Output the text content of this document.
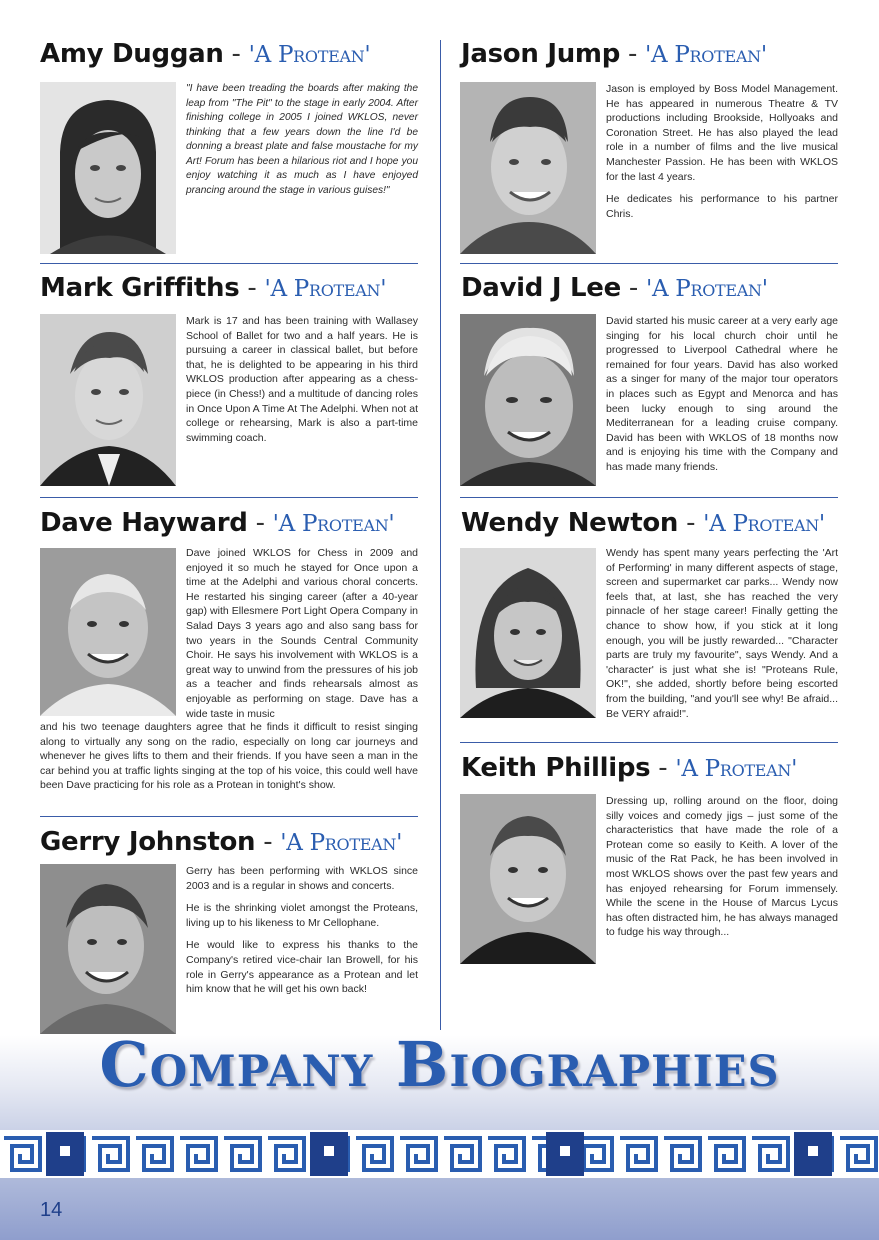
Amy Duggan - 'A Protean'

"I have been treading the boards after making the leap from "The Pit" to the stage in early 2004. After finishing college in 2005 I joined WKLOS, never thinking that a few years down the line I'd be donning a breast plate and false moustache for my Art! Forum has been a hilarious riot and I hope you enjoy watching it as much as I have enjoyed prancing around the stage in various guises!"

Jason Jump - 'A Protean'

Jason is employed by Boss Model Management. He has appeared in numerous Theatre & TV productions including Brookside, Hollyoaks and Coronation Street. He has also played the lead role in a number of films and the live musical Manchester Passion. He has been with WKLOS for the last 4 years.

He dedicates his performance to his partner Chris.

Mark Griffiths - 'A Protean'

Mark is 17 and has been training with Wallasey School of Ballet for two and a half years. He is pursuing a career in classical ballet, but before that, he is delighted to be appearing in his third WKLOS production after appearing as a chess-piece (in Chess!) and a multitude of dancing roles in Once Upon A Time At The Adelphi. When not at college or rehearsing, Mark is also a part-time swimming coach.

David J Lee - 'A Protean'

David started his music career at a very early age singing for his local church choir until he progressed to Liverpool Cathedral where he remained for four years. David has also worked as a singer for many of the major tour operators in places such as Egypt and Menorca and has been lucky enough to sing around the Mediterranean for a leading cruise company. David has been with WKLOS of 18 months now and is enjoying his time with the Company and has made many friends.

Dave Hayward - 'A Protean'

Dave joined WKLOS for Chess in 2009 and enjoyed it so much he stayed for Once upon a time at the Adelphi and various choral concerts. He restarted his singing career (after a 40-year gap) with Ellesmere Port Light Opera Company in Salad Days 3 years ago and also sang bass for two years in the Sounds Central Community Choir. He says his involvement with WKLOS is a great way to unwind from the pressures of his job as a teacher and finds rehearsals almost as enjoyable as performing on stage. Dave has a wide taste in music

and his two teenage daughters agree that he finds it difficult to resist singing along to virtually any song on the radio, especially on long car journeys and whenever he gives lifts to them and their friends. If you have seen a man in the car behind you at traffic lights singing at the top of his voice, this could well have been Dave practicing for his role as a Protean in tonight's show.

Wendy Newton - 'A Protean'

Wendy has spent many years perfecting the 'Art of Performing' in many different aspects of stage, screen and supermarket car parks... Wendy now feels that, at last, she has reached the very pinnacle of her stage career! Finally getting the chance to show how, if you stick at it long enough, you will be justly rewarded... "Character parts are truly my favourite", says Wendy. And a 'character' is just what she is! "Proteans Rule, OK!", she added, shortly before being escorted from the building, "and you'll see why! Be afraid... Be VERY afraid!".

Gerry Johnston - 'A Protean'

Gerry has been performing with WKLOS since 2003 and is a regular in shows and concerts.

He is the shrinking violet amongst the Proteans, living up to his likeness to Mr Cellophane.

He would like to express his thanks to the Company's retired vice-chair Ian Browell, for his role in Gerry's appearance as a Protean and let him know that he will get his own back!

Keith Phillips - 'A Protean'

Dressing up, rolling around on the floor, doing silly voices and comedy jigs – just some of the characteristics that have made the role of a Protean come so easily to Keith. A lover of the music of the Rat Pack, he has been involved in most WKLOS shows over the past few years and has enjoyed rehearsing for Forum immensely. While the scene in the House of Marcus Lycus has often distracted him, he has always managed to fudge his way through...

Company Biographies
14
